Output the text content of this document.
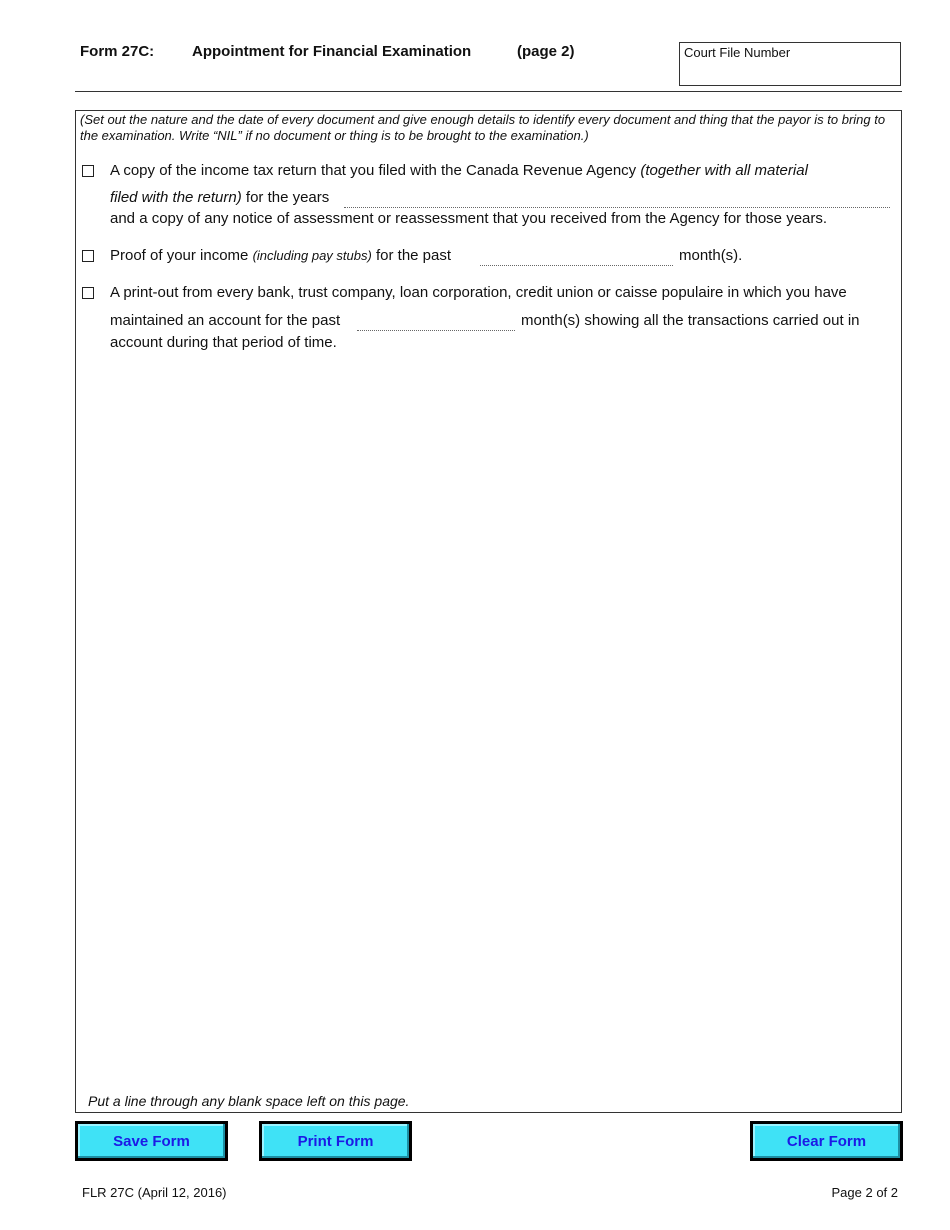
Form 27C:	Appointment for Financial Examination	(page 2)	Court File Number
(Set out the nature and the date of every document and give enough details to identify every document and thing that the payor is to bring to the examination. Write “NIL” if no document or thing is to be brought to the examination.)
A copy of the income tax return that you filed with the Canada Revenue Agency (together with all material
filed with the return) for the years
and a copy of any notice of assessment or reassessment that you received from the Agency for those years.
Proof of your income (including pay stubs) for the past	month(s).
A print-out from every bank, trust company, loan corporation, credit union or caisse populaire in which you have
maintained an account for the past	month(s) showing all the transactions carried out in
account during that period of time.
Put a line through any blank space left on this page.
Save Form	Print Form	Clear Form
FLR 27C (April 12, 2016)	Page 2 of 2
